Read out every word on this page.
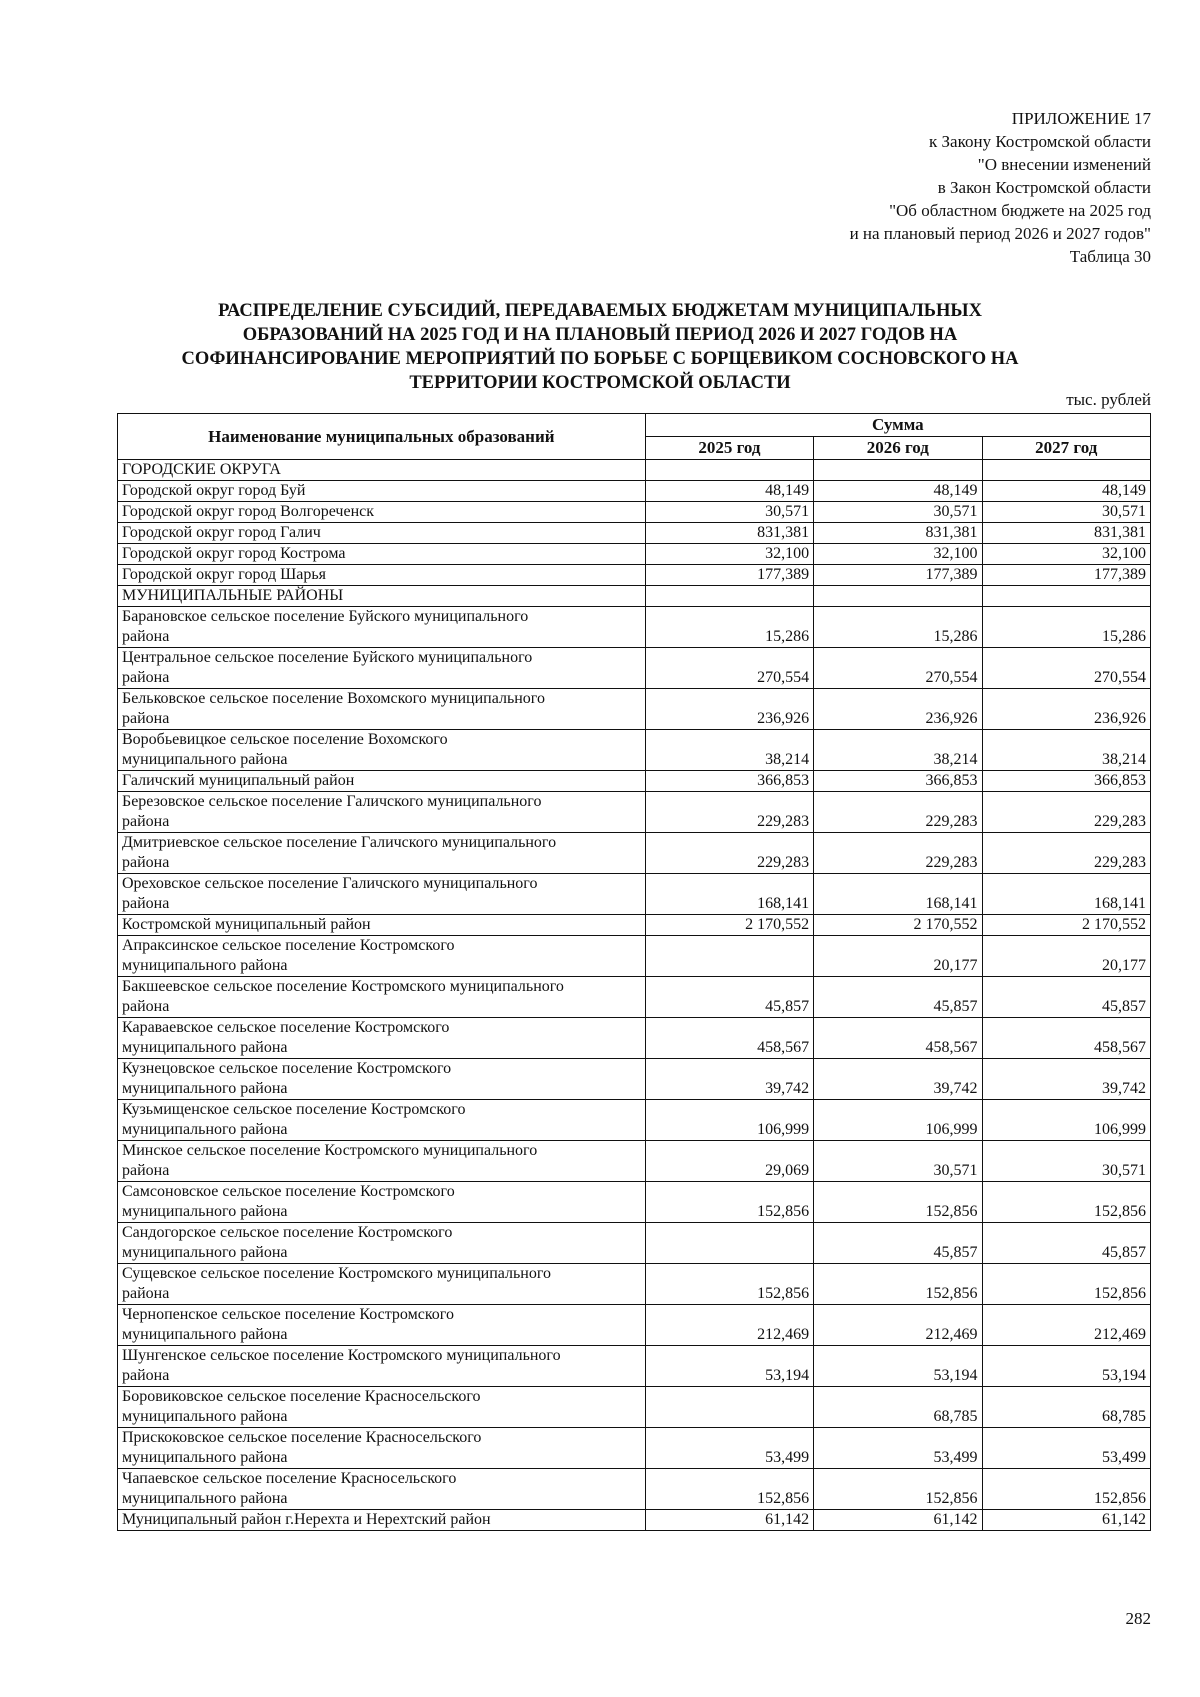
ПРИЛОЖЕНИЕ 17
к Закону Костромской области
"О внесении изменений
в Закон Костромской области
"Об областном бюджете на 2025 год
и на плановый период 2026 и 2027 годов"
Таблица 30
РАСПРЕДЕЛЕНИЕ СУБСИДИЙ, ПЕРЕДАВАЕМЫХ БЮДЖЕТАМ МУНИЦИПАЛЬНЫХ
ОБРАЗОВАНИЙ НА 2025 ГОД И НА ПЛАНОВЫЙ ПЕРИОД 2026 И 2027 ГОДОВ НА
СОФИНАНСИРОВАНИЕ МЕРОПРИЯТИЙ ПО БОРЬБЕ С БОРЩЕВИКОМ СОСНОВСКОГО НА
ТЕРРИТОРИИ КОСТРОМСКОЙ ОБЛАСТИ
тыс. рублей
Наименование муниципальных образований	Сумма		
	2025 год	2026 год	2027 год
ГОРОДСКИЕ ОКРУГА			

Городской округ город Буй	48,149	48,149	48,149

Городской округ город Волгореченск	30,571	30,571	30,571

Городской округ город Галич	831,381	831,381	831,381

Городской округ город Кострома	32,100	32,100	32,100

Городской округ город Шарья	177,389	177,389	177,389
МУНИЦИПАЛЬНЫЕ РАЙОНЫ			

Барановское сельское поселение Буйского муниципального
района	15,286	15,286	15,286

Центральное сельское поселение Буйского муниципального
района	270,554	270,554	270,554

Бельковское сельское поселение Вохомского муниципального
района	236,926	236,926	236,926

Воробьевицкое сельское поселение Вохомского
муниципального района	38,214	38,214	38,214

Галичский муниципальный район	366,853	366,853	366,853

Березовское сельское поселение Галичского муниципального
района	229,283	229,283	229,283

Дмитриевское сельское поселение Галичского муниципального
района	229,283	229,283	229,283

Ореховское сельское поселение Галичского муниципального
района	168,141	168,141	168,141

Костромской муниципальный район	2 170,552	2 170,552	2 170,552

Апраксинское сельское поселение Костромского
муниципального района		20,177	20,177

Бакшеевское сельское поселение Костромского муниципального
района	45,857	45,857	45,857

Караваевское сельское поселение Костромского
муниципального района	458,567	458,567	458,567

Кузнецовское сельское поселение Костромского
муниципального района	39,742	39,742	39,742

Кузьмищенское сельское поселение Костромского
муниципального района	106,999	106,999	106,999

Минское сельское поселение Костромского муниципального
района	29,069	30,571	30,571

Самсоновское сельское поселение Костромского
муниципального района	152,856	152,856	152,856

Сандогорское сельское поселение Костромского
муниципального района		45,857	45,857

Сущевское сельское поселение Костромского муниципального
района	152,856	152,856	152,856

Чернопенское сельское поселение Костромского
муниципального района	212,469	212,469	212,469

Шунгенское сельское поселение Костромского муниципального
района	53,194	53,194	53,194

Боровиковское сельское поселение Красносельского
муниципального района		68,785	68,785

Прискоковское сельское поселение Красносельского
муниципального района	53,499	53,499	53,499

Чапаевское сельское поселение Красносельского
муниципального района	152,856	152,856	152,856

Муниципальный район г.Нерехта и Нерехтский район	61,142	61,142	61,142
282
